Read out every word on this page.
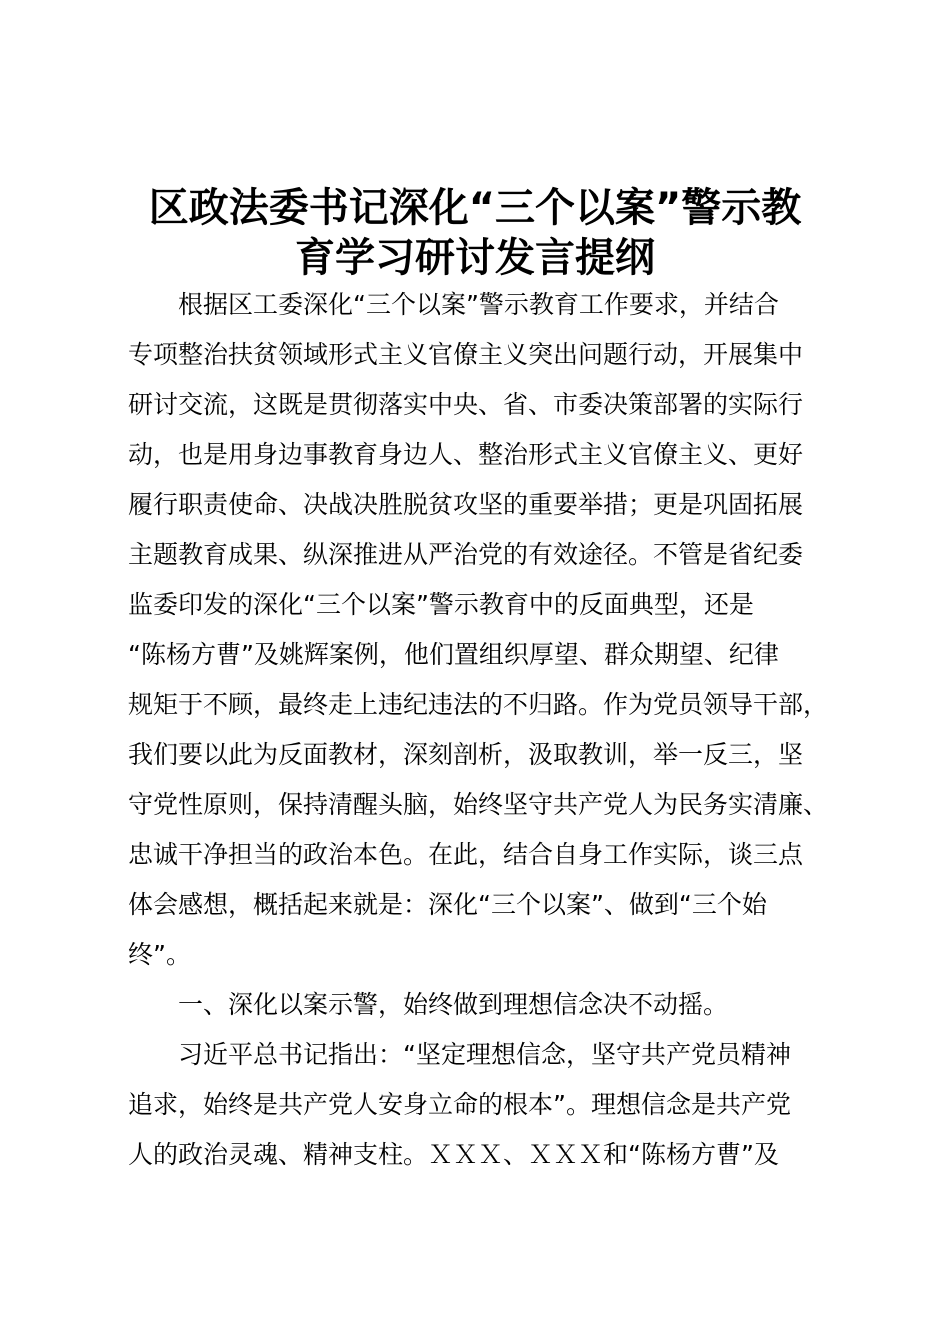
区政法委书记深化“三个以案”警示教
育学习研讨发言提纲
　　根据区工委深化“三个以案”警示教育工作要求，并结合
专项整治扶贫领域形式主义官僚主义突出问题行动，开展集中
研讨交流，这既是贯彻落实中央、省、市委决策部署的实际行
动，也是用身边事教育身边人、整治形式主义官僚主义、更好
履行职责使命、决战决胜脱贫攻坚的重要举措；更是巩固拓展
主题教育成果、纵深推进从严治党的有效途径。不管是省纪委
监委印发的深化“三个以案”警示教育中的反面典型，还是
“陈杨方曹”及姚辉案例，他们置组织厚望、群众期望、纪律
规矩于不顾，最终走上违纪违法的不归路。作为党员领导干部，
我们要以此为反面教材，深刻剖析，汲取教训，举一反三，坚
守党性原则，保持清醒头脑，始终坚守共产党人为民务实清廉、
忠诚干净担当的政治本色。在此，结合自身工作实际，谈三点
体会感想，概括起来就是：深化“三个以案”、做到“三个始
终”。
　　一、深化以案示警，始终做到理想信念决不动摇。
　　习近平总书记指出：“坚定理想信念，坚守共产党员精神
追求，始终是共产党人安身立命的根本”。理想信念是共产党
人的政治灵魂、精神支柱。ＸＸＸ、ＸＸＸ和“陈杨方曹”及
